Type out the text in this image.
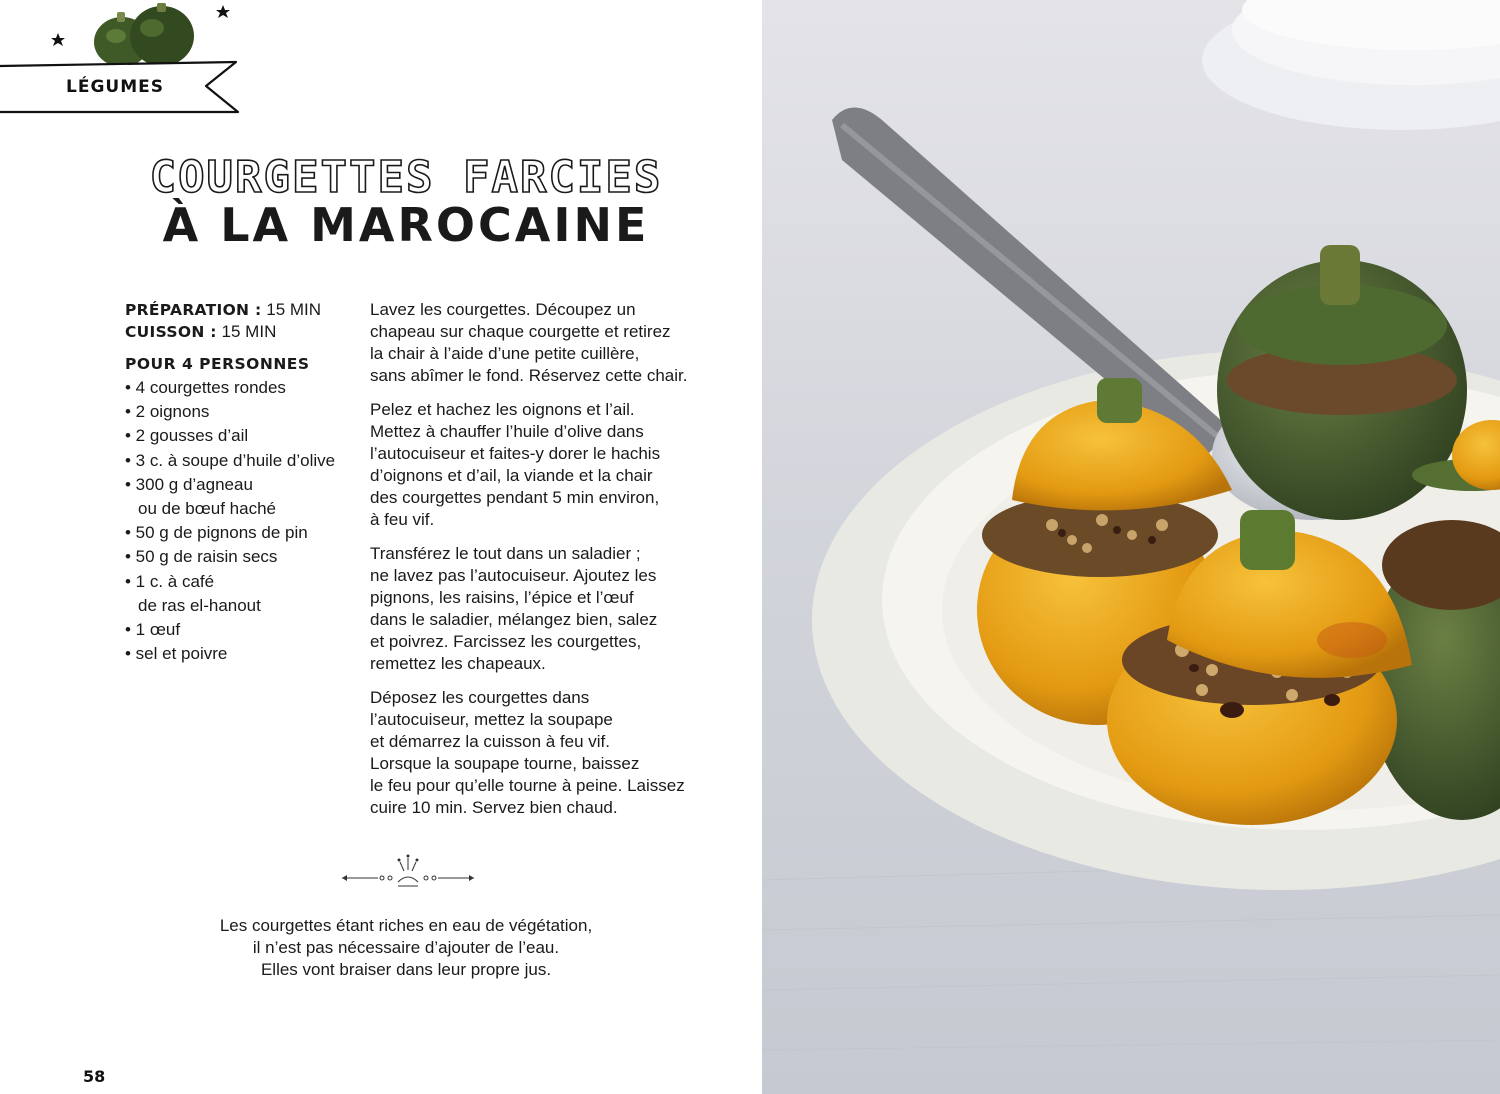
LÉGUMES
COURGETTES FARCIES
À LA MAROCAINE
PRÉPARATION : 15 MIN
CUISSON : 15 MIN
POUR 4 PERSONNES
• 4 courgettes rondes
• 2 oignons
• 2 gousses d’ail
• 3 c. à soupe d’huile d’olive
• 300 g d’agneau
ou de bœuf haché
• 50 g de pignons de pin
• 50 g de raisin secs
• 1 c. à café
de ras el-hanout
• 1 œuf
• sel et poivre

Lavez les courgettes. Découpez un
chapeau sur chaque courgette et retirez
la chair à l’aide d’une petite cuillère,
sans abîmer le fond. Réservez cette chair.

Pelez et hachez les oignons et l’ail.
Mettez à chauffer l’huile d’olive dans
l’autocuiseur et faites-y dorer le hachis
d’oignons et d’ail, la viande et la chair
des courgettes pendant 5 min environ,
à feu vif.

Transférez le tout dans un saladier ;
ne lavez pas l’autocuiseur. Ajoutez les
pignons, les raisins, l’épice et l’œuf
dans le saladier, mélangez bien, salez
et poivrez. Farcissez les courgettes,
remettez les chapeaux.

Déposez les courgettes dans
l’autocuiseur, mettez la soupape
et démarrez la cuisson à feu vif.
Lorsque la soupape tourne, baissez
le feu pour qu’elle tourne à peine. Laissez
cuire 10 min. Servez bien chaud.

Les courgettes étant riches en eau de végétation,
il n’est pas nécessaire d’ajouter de l’eau.
Elles vont braiser dans leur propre jus.
58
